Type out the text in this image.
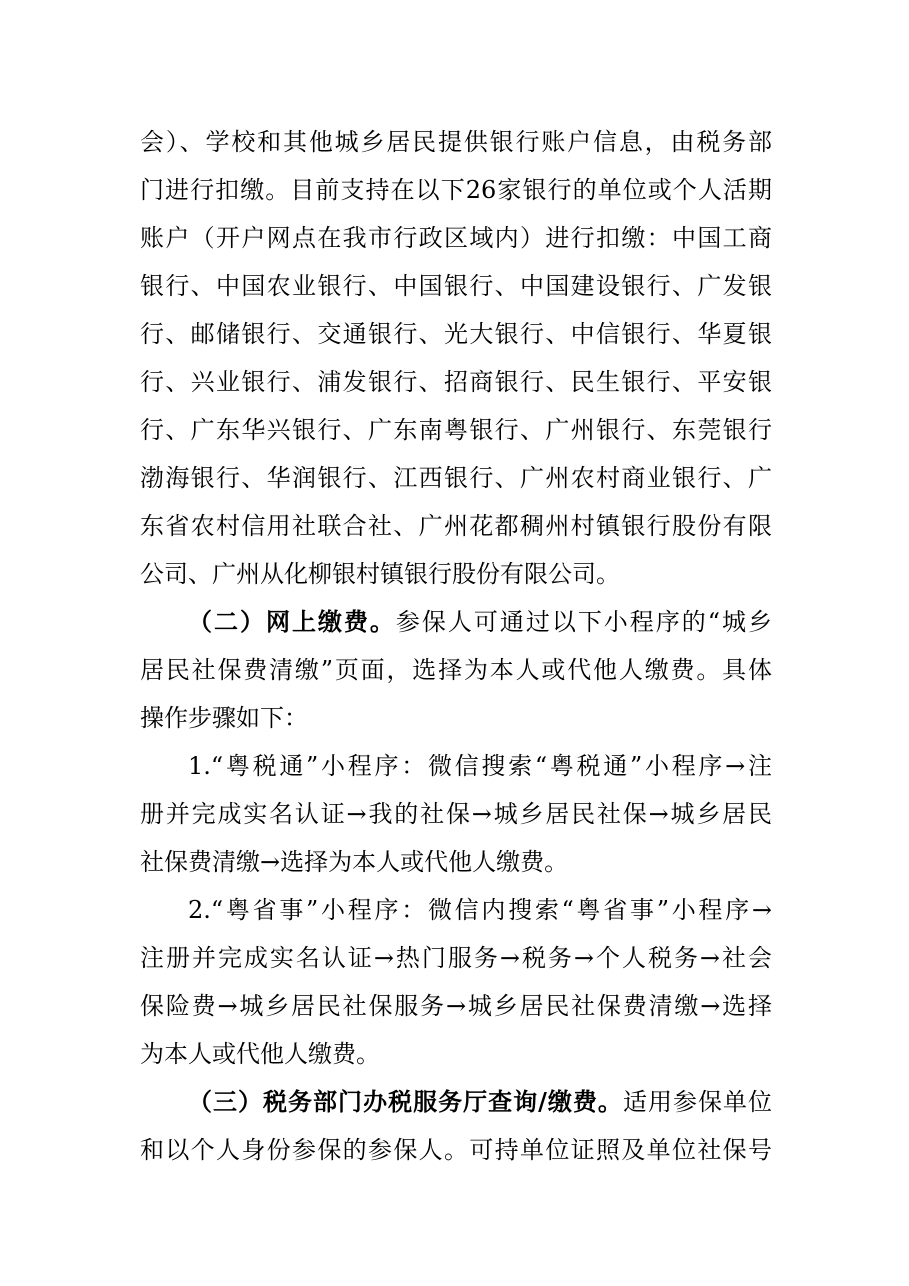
会）、学校和其他城乡居民提供银行账户信息，由税务部
门进行扣缴。目前支持在以下26家银行的单位或个人活期
账户（开户网点在我市行政区域内）进行扣缴：中国工商
银行、中国农业银行、中国银行、中国建设银行、广发银
行、邮储银行、交通银行、光大银行、中信银行、华夏银
行、兴业银行、浦发银行、招商银行、民生银行、平安银
行、广东华兴银行、广东南粤银行、广州银行、东莞银行
渤海银行、华润银行、江西银行、广州农村商业银行、广
东省农村信用社联合社、广州花都稠州村镇银行股份有限
公司、广州从化柳银村镇银行股份有限公司。
（二）网上缴费。参保人可通过以下小程序的“城乡
居民社保费清缴”页面，选择为本人或代他人缴费。具体
操作步骤如下：
1.“粤税通”小程序：微信搜索“粤税通”小程序→注
册并完成实名认证→我的社保→城乡居民社保→城乡居民
社保费清缴→选择为本人或代他人缴费。
2.“粤省事”小程序：微信内搜索“粤省事”小程序→
注册并完成实名认证→热门服务→税务→个人税务→社会
保险费→城乡居民社保服务→城乡居民社保费清缴→选择
为本人或代他人缴费。
（三）税务部门办税服务厅查询/缴费。适用参保单位
和以个人身份参保的参保人。可持单位证照及单位社保号
